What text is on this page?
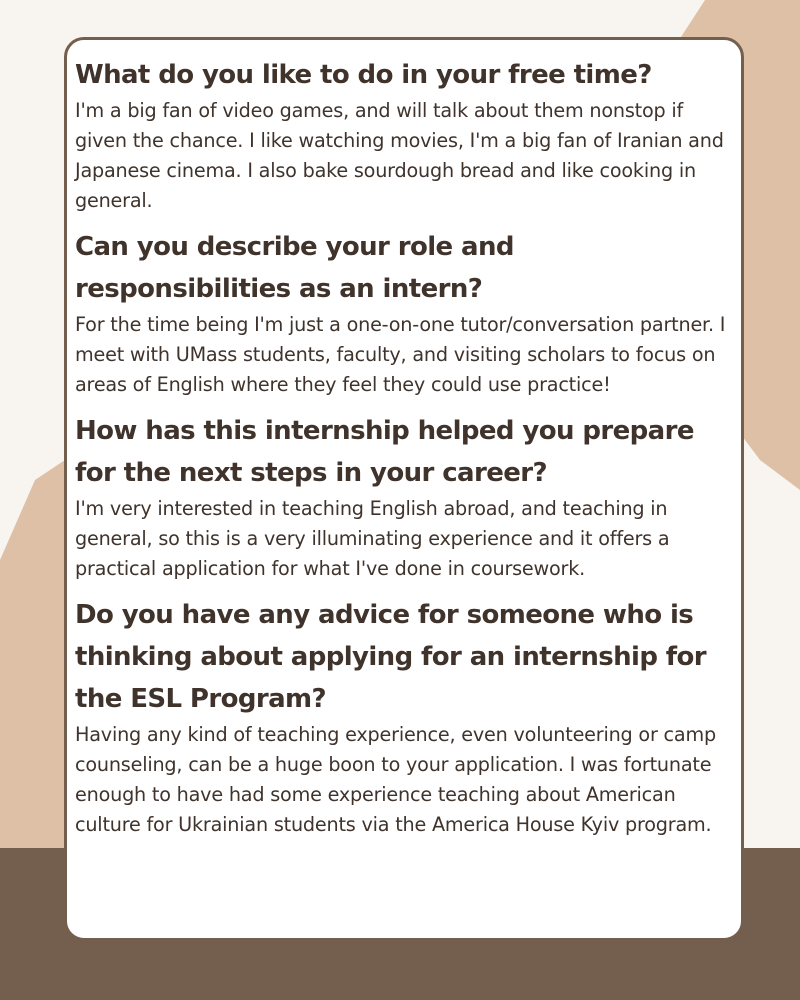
What do you like to do in your free time?

I'm a big fan of video games, and will talk about them nonstop if given the chance. I like watching movies, I'm a big fan of Iranian and Japanese cinema. I also bake sourdough bread and like cooking in general.

Can you describe your role and responsibilities as an intern?

For the time being I'm just a one-on-one tutor/conversation partner. I meet with UMass students, faculty, and visiting scholars to focus on areas of English where they feel they could use practice!

How has this internship helped you prepare for the next steps in your career?

I'm very interested in teaching English abroad, and teaching in general, so this is a very illuminating experience and it offers a practical application for what I've done in coursework.

Do you have any advice for someone who is thinking about applying for an internship for the ESL Program?

Having any kind of teaching experience, even volunteering or camp counseling, can be a huge boon to your application. I was fortunate enough to have had some experience teaching about American culture for Ukrainian students via the America House Kyiv program.
